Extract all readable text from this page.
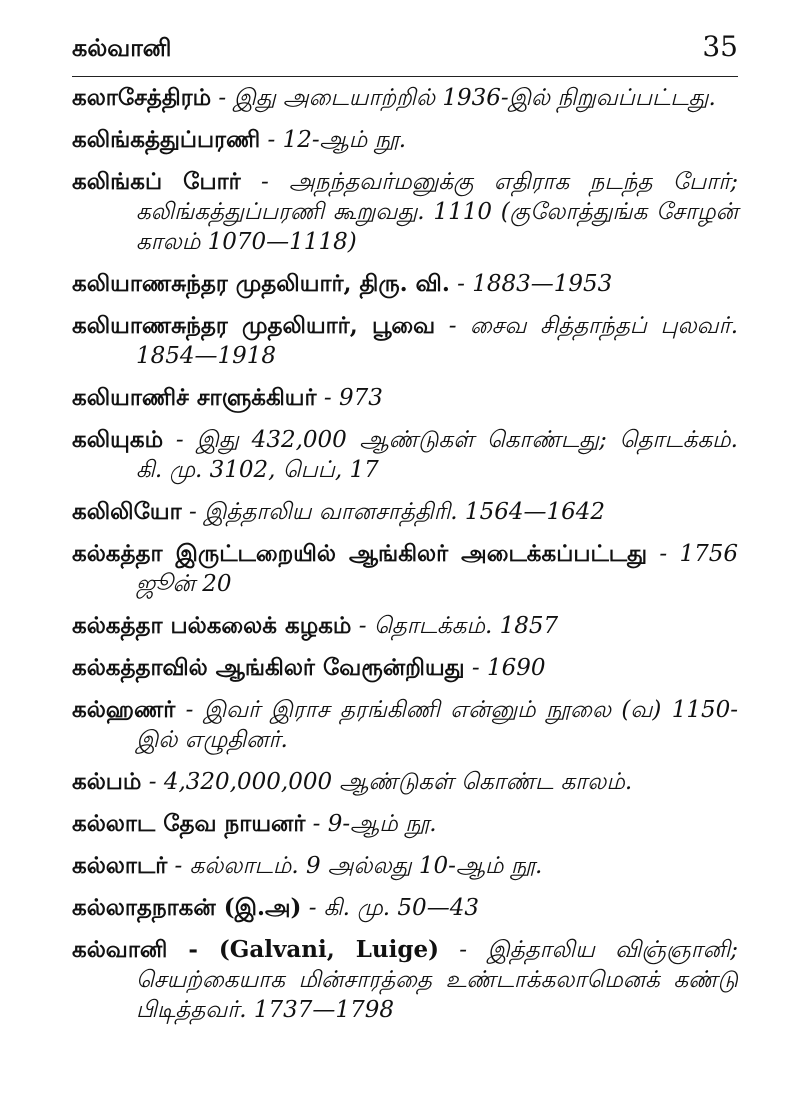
கல்வானி	35
கலாசேத்திரம் - இது அடையாற்றில் 1936-இல் நிறுவப்பட்டது.
கலிங்கத்துப்பரணி - 12-ஆம் நூ.
கலிங்கப் போர் - அநந்தவர்மனுக்கு எதிராக நடந்த போர்; கலிங்கத்துப்பரணி கூறுவது. 1110 (குலோத்துங்க சோழன் காலம் 1070—1118)
கலியாணசுந்தர முதலியார், திரு. வி. - 1883—1953
கலியாணசுந்தர முதலியார், பூவை - சைவ சித்தாந்தப் புலவர். 1854—1918
கலியாணிச் சாளுக்கியர் - 973
கலியுகம் - இது 432,000 ஆண்டுகள் கொண்டது; தொடக்கம். கி. மு. 3102, பெப், 17
கலிலியோ - இத்தாலிய வானசாத்திரி. 1564—1642
கல்கத்தா இருட்டறையில் ஆங்கிலர் அடைக்கப்பட்டது - 1756 ஜூன் 20
கல்கத்தா பல்கலைக் கழகம் - தொடக்கம். 1857
கல்கத்தாவில் ஆங்கிலர் வேரூன்றியது - 1690
கல்ஹணர் - இவர் இராச தரங்கிணி என்னும் நூலை (வ) 1150-இல் எழுதினர்.
கல்பம் - 4,320,000,000 ஆண்டுகள் கொண்ட காலம்.
கல்லாட தேவ நாயனர் - 9-ஆம் நூ.
கல்லாடர் - கல்லாடம். 9 அல்லது 10-ஆம் நூ.
கல்லாதநாகன் (இ.அ) - கி. மு. 50—43
கல்வானி - (Galvani, Luige) - இத்தாலிய விஞ்ஞானி; செயற்கையாக மின்சாரத்தை உண்டாக்கலாமெனக் கண்டு பிடித்தவர். 1737—1798
